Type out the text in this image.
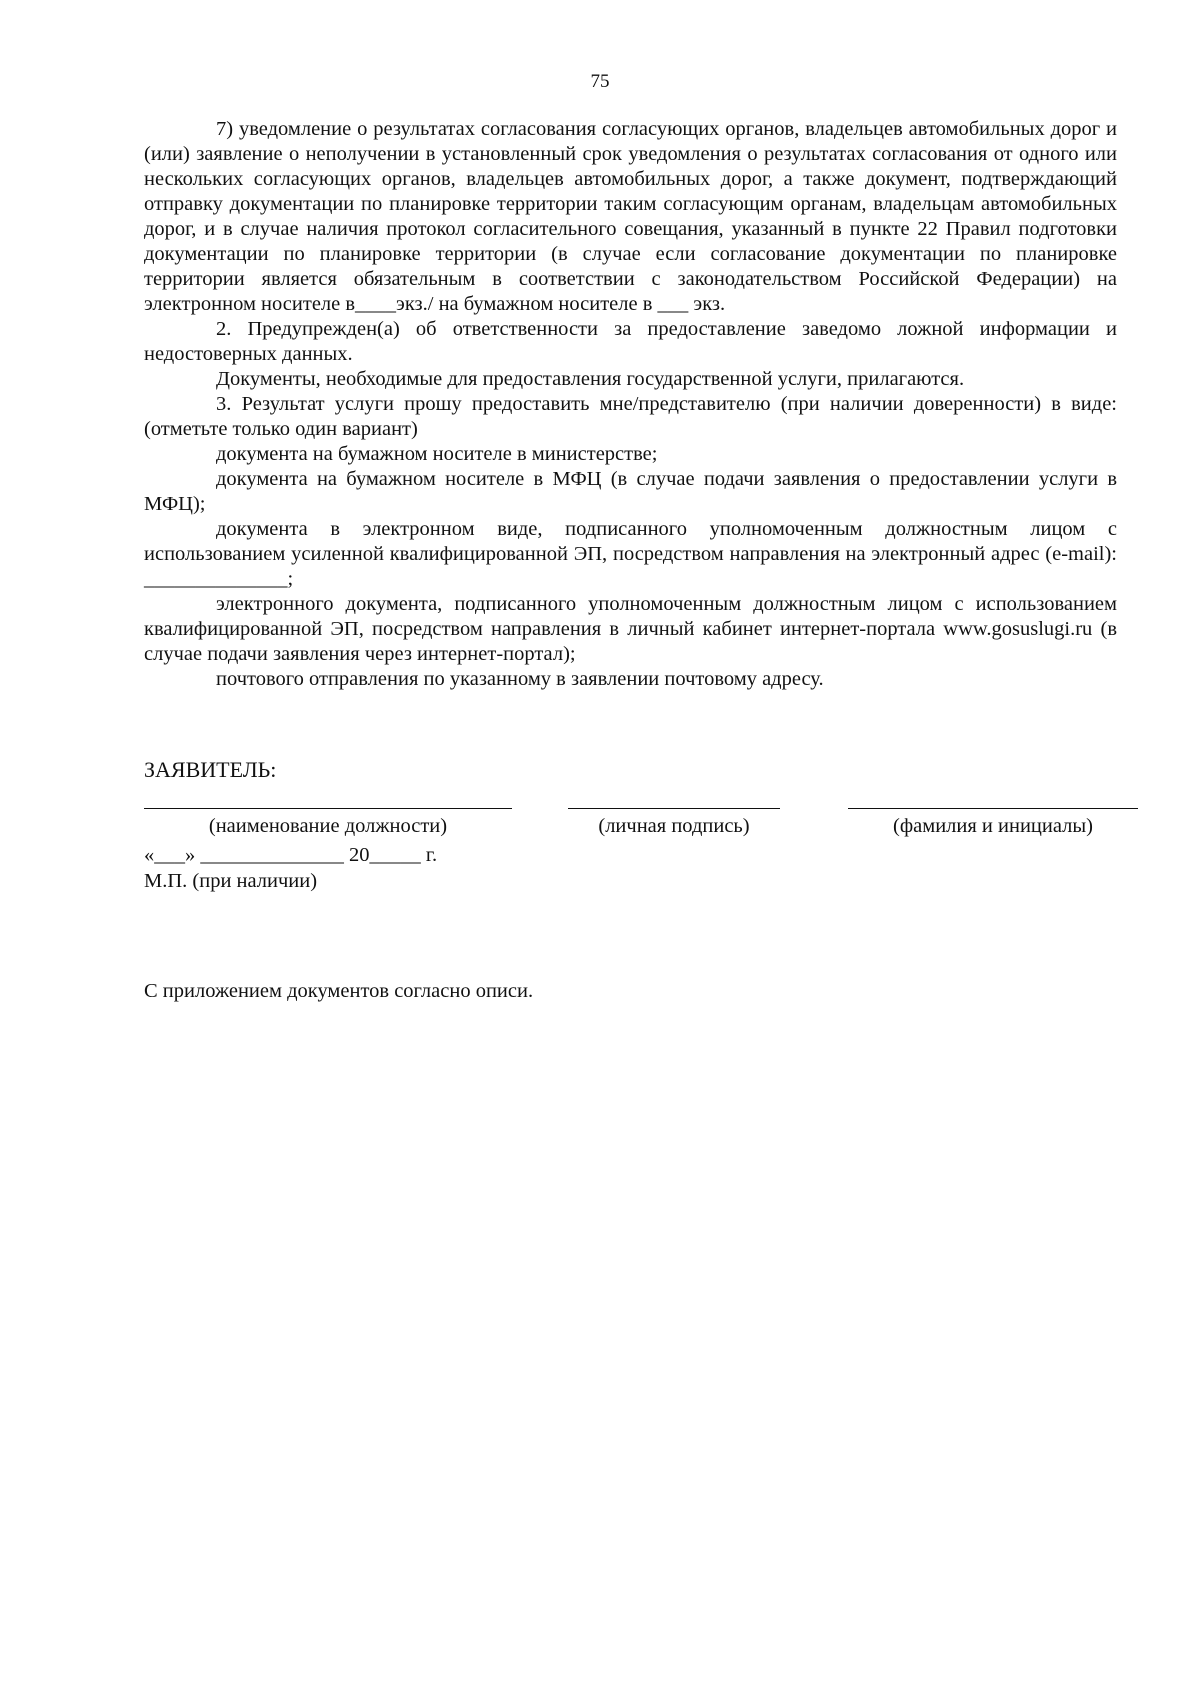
75

7) уведомление о результатах согласования согласующих органов, владельцев автомобильных дорог и (или) заявление о неполучении в установленный срок уведомления о результатах согласования от одного или нескольких согласующих органов, владельцев автомобильных дорог, а также документ, подтверждающий отправку документации по планировке территории таким согласующим органам, владельцам автомобильных дорог, и в случае наличия протокол согласительного совещания, указанный в пункте 22 Правил подготовки документации по планировке территории (в случае если согласование документации по планировке территории является обязательным в соответствии с законодательством Российской Федерации) на электронном носителе в____экз./ на бумажном носителе в ___ экз.

2. Предупрежден(а) об ответственности за предоставление заведомо ложной информации и недостоверных данных.

Документы, необходимые для предоставления государственной услуги, прилагаются.

3. Результат услуги прошу предоставить мне/представителю (при наличии доверенности) в виде: (отметьте только один вариант)

документа на бумажном носителе в министерстве;

документа на бумажном носителе в МФЦ (в случае подачи заявления о предоставлении услуги в МФЦ);

документа в электронном виде, подписанного уполномоченным должностным лицом с использованием усиленной квалифицированной ЭП, посредством направления на электронный адрес (e-mail): ______________;

электронного документа, подписанного уполномоченным должностным лицом с использованием квалифицированной ЭП, посредством направления в личный кабинет интернет-портала www.gosuslugi.ru (в случае подачи заявления через интернет-портал);

почтового отправления по указанному в заявлении почтовому адресу.

ЗАЯВИТЕЛЬ:
(наименование должности)	(личная подпись)	(фамилия и инициалы)
«___» ______________ 20_____ г.
М.П. (при наличии)
С приложением документов согласно описи.
